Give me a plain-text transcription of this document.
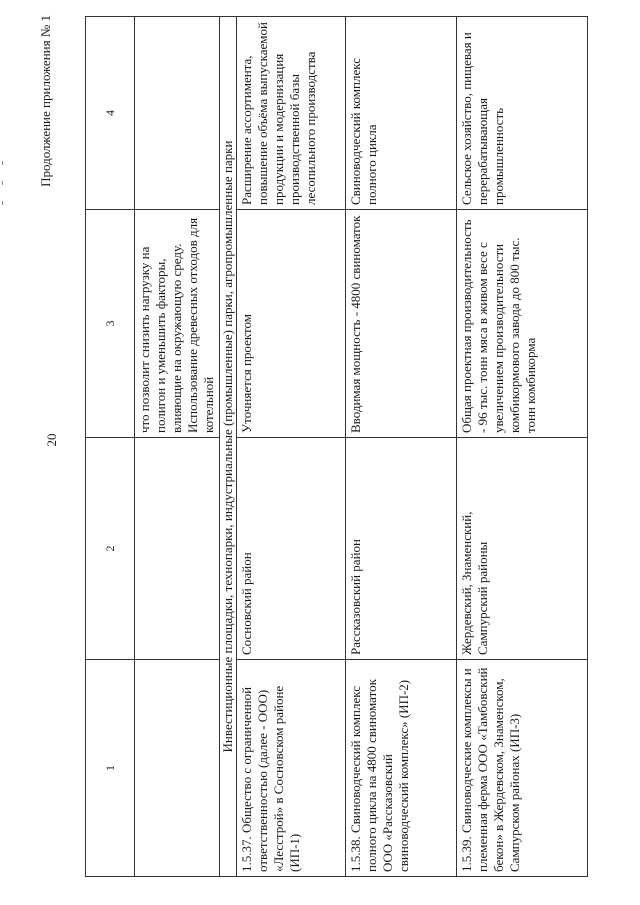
20
Продолжение приложения № 1
1	2	3	4
		что позволит снизить нагрузку на полигон и уменьшить факторы, влияющие на окружающую среду. Использование древесных отходов для котельной	
Инвестиционные площадки, технопарки, индустриальные (промышленные) парки, агропромышленные парки			
1.5.37. Общество с ограниченной ответственностью (далее - ООО) «Лесстрой» в Сосновском районе (ИП-1)	Сосновский район	Уточняется проектом	Расширение ассортимента, повышение объёма выпускаемой продукции и модернизация производственной базы лесопильного производства
1.5.38. Свиноводческий комплекс полного цикла на 4800 свиноматок ООО «Рассказовский свиноводческий комплекс» (ИП-2)	Рассказовский район	Вводимая мощность - 4800 свиноматок	Свиноводческий комплекс полного цикла
1.5.39. Свиноводческие комплексы и племенная ферма ООО «Тамбовский бекон» в Жердевском, Знаменском, Сампурском районах (ИП-3)	Жердевский, Знаменский, Сампурский районы	Общая проектная производительность - 96 тыс. тонн мяса в живом весе с увеличением производительности комбикормового завода до 800 тыс. тонн комбикорма	Сельское хозяйство, пищевая и перерабатывающая промышленность
